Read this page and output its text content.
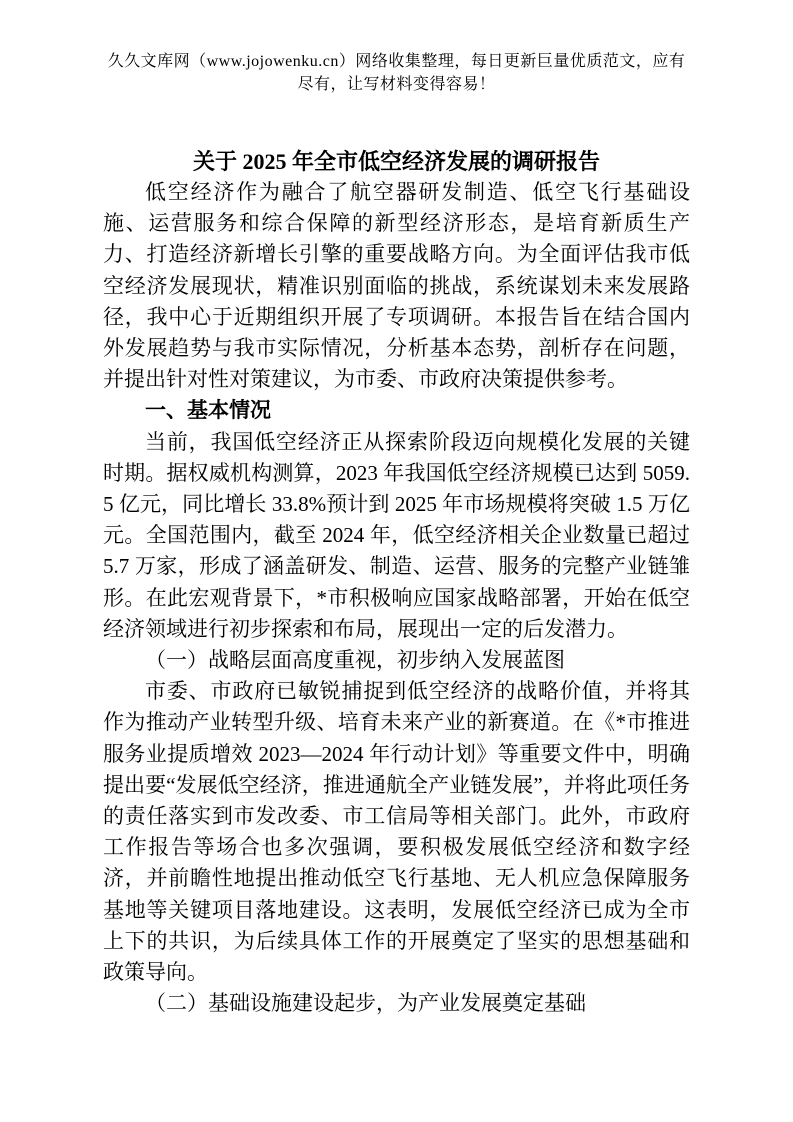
久久文库网（www.jojowenku.cn）网络收集整理，每日更新巨量优质范文，应有尽有，让写材料变得容易！
关于 2025 年全市低空经济发展的调研报告

低空经济作为融合了航空器研发制造、低空飞行基础设施、运营服务和综合保障的新型经济形态，是培育新质生产力、打造经济新增长引擎的重要战略方向。为全面评估我市低空经济发展现状，精准识别面临的挑战，系统谋划未来发展路径，我中心于近期组织开展了专项调研。本报告旨在结合国内外发展趋势与我市实际情况，分析基本态势，剖析存在问题，并提出针对性对策建议，为市委、市政府决策提供参考。

一、基本情况

当前，我国低空经济正从探索阶段迈向规模化发展的关键时期。据权威机构测算，2023 年我国低空经济规模已达到 5059.5 亿元，同比增长 33.8%预计到 2025 年市场规模将突破 1.5 万亿元。全国范围内，截至 2024 年，低空经济相关企业数量已超过 5.7 万家，形成了涵盖研发、制造、运营、服务的完整产业链雏形。在此宏观背景下，*市积极响应国家战略部署，开始在低空经济领域进行初步探索和布局，展现出一定的后发潜力。

（一）战略层面高度重视，初步纳入发展蓝图

市委、市政府已敏锐捕捉到低空经济的战略价值，并将其作为推动产业转型升级、培育未来产业的新赛道。在《*市推进服务业提质增效 2023—2024 年行动计划》等重要文件中，明确提出要“发展低空经济，推进通航全产业链发展”，并将此项任务的责任落实到市发改委、市工信局等相关部门。此外，市政府工作报告等场合也多次强调，要积极发展低空经济和数字经济，并前瞻性地提出推动低空飞行基地、无人机应急保障服务基地等关键项目落地建设。这表明，发展低空经济已成为全市上下的共识，为后续具体工作的开展奠定了坚实的思想基础和政策导向。

（二）基础设施建设起步，为产业发展奠定基础
